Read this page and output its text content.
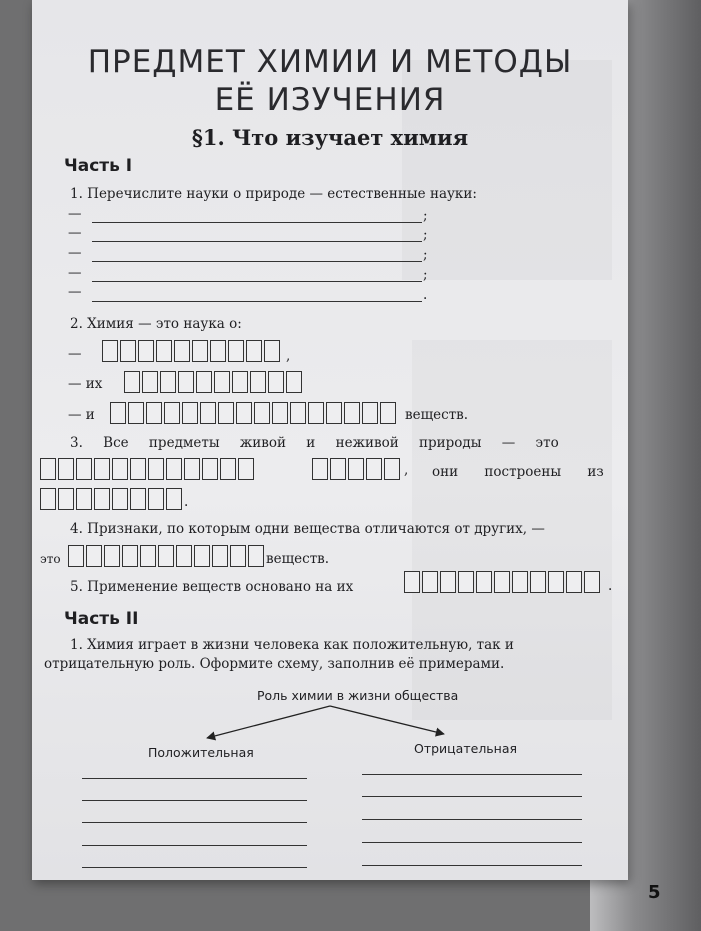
ПРЕДМЕТ ХИМИИ И МЕТОДЫ
ЕЁ ИЗУЧЕНИЯ
§1. Что изучает химия
Часть I
1. Перечислите науки о природе — естественные науки:
—	;
—	;
—	;
—	;
—	.
2. Химия — это наука о:
—	,
— их
— и	веществ.
3. Все предметы живой и неживой природы — это
, они построены из
.
4. Признаки, по которым одни вещества отличаются от других, —
это	веществ.
5. Применение веществ основано на их	.
Часть II
1. Химия играет в жизни человека как положительную, так и
отрицательную роль. Оформите схему, заполнив её примерами.
Роль химии в жизни общества
Положительная	Отрицательная
5
